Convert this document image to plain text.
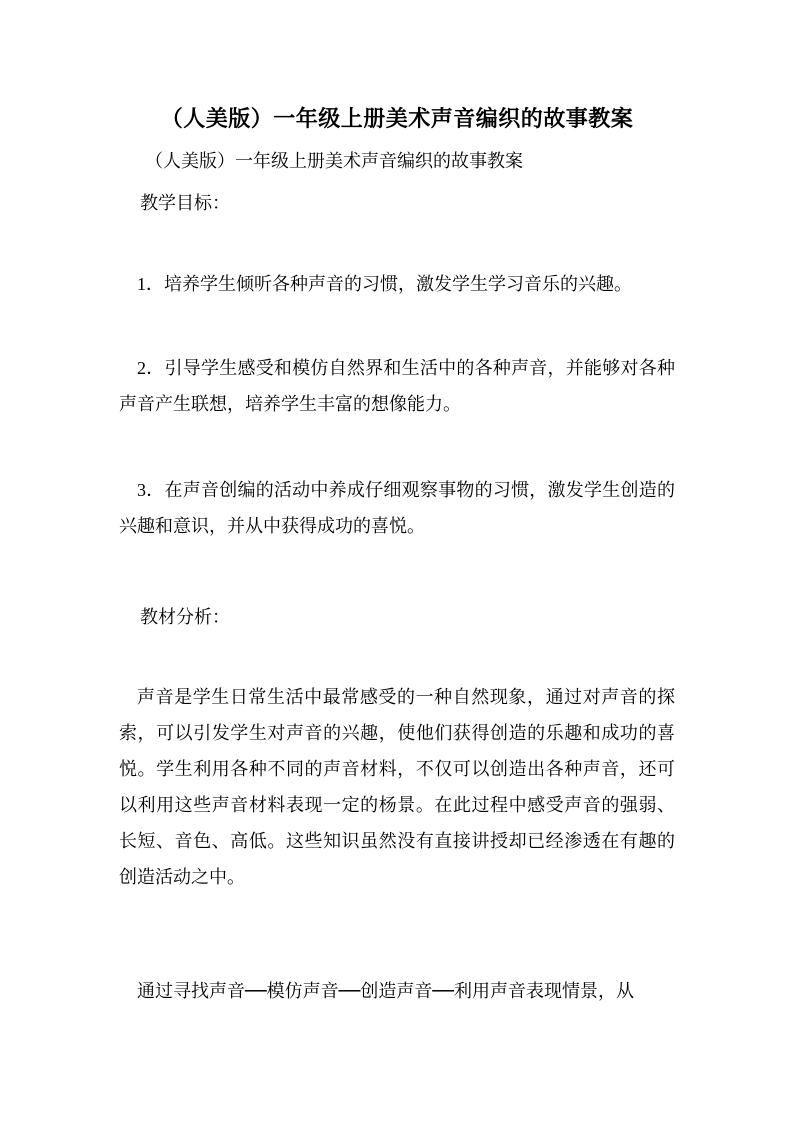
（人美版）一年级上册美术声音编织的故事教案
（人美版）一年级上册美术声音编织的故事教案
教学目标：
1．培养学生倾听各种声音的习惯，激发学生学习音乐的兴趣。
2．引导学生感受和模仿自然界和生活中的各种声音，并能够对各种声音产生联想，培养学生丰富的想像能力。
3．在声音创编的活动中养成仔细观察事物的习惯，激发学生创造的兴趣和意识，并从中获得成功的喜悦。
教材分析：
声音是学生日常生活中最常感受的一种自然现象，通过对声音的探索，可以引发学生对声音的兴趣，使他们获得创造的乐趣和成功的喜悦。学生利用各种不同的声音材料，不仅可以创造出各种声音，还可以利用这些声音材料表现一定的杨景。在此过程中感受声音的强弱、长短、音色、高低。这些知识虽然没有直接讲授却已经渗透在有趣的创造活动之中。
通过寻找声音──模仿声音──创造声音──利用声音表现情景，从
